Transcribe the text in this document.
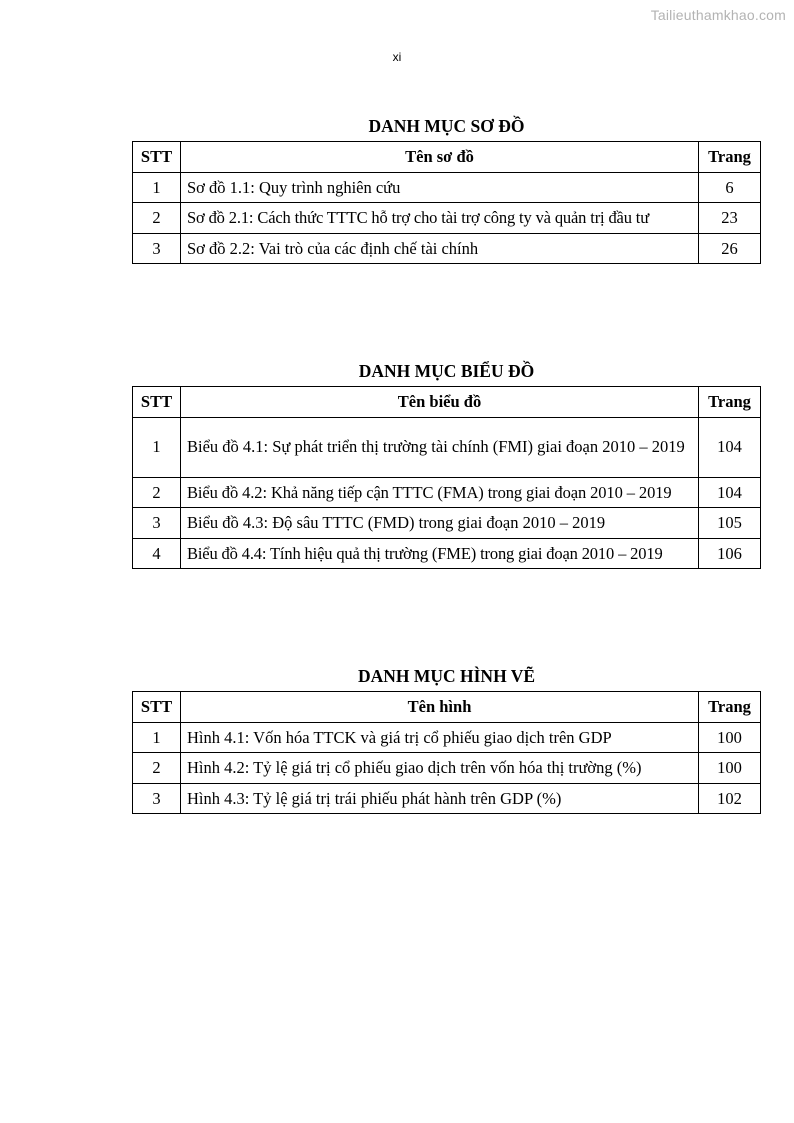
Tailieuthamkhao.com
xi
DANH MỤC SƠ ĐỒ
STT	Tên sơ đồ	Trang
1	Sơ đồ 1.1: Quy trình nghiên cứu	6
2	Sơ đồ 2.1: Cách thức TTTC hỗ trợ cho tài trợ công ty và quản trị đầu tư	23
3	Sơ đồ 2.2: Vai trò của các định chế tài chính	26
DANH MỤC BIỂU ĐỒ
STT	Tên biểu đồ	Trang
1	Biểu đồ 4.1: Sự phát triển thị trường tài chính (FMI) giai đoạn 2010 – 2019	104
2	Biểu đồ 4.2: Khả năng tiếp cận TTTC (FMA) trong giai đoạn 2010 – 2019	104
3	Biểu đồ 4.3: Độ sâu TTTC (FMD) trong giai đoạn 2010 – 2019	105
4	Biểu đồ 4.4: Tính hiệu quả thị trường (FME) trong giai đoạn 2010 – 2019	106
DANH MỤC HÌNH VẼ
STT	Tên hình	Trang
1	Hình 4.1: Vốn hóa TTCK và giá trị cổ phiếu giao dịch trên GDP	100
2	Hình 4.2: Tỷ lệ giá trị cổ phiếu giao dịch trên vốn hóa thị trường (%)	100
3	Hình 4.3: Tỷ lệ giá trị trái phiếu phát hành trên GDP (%)	102
